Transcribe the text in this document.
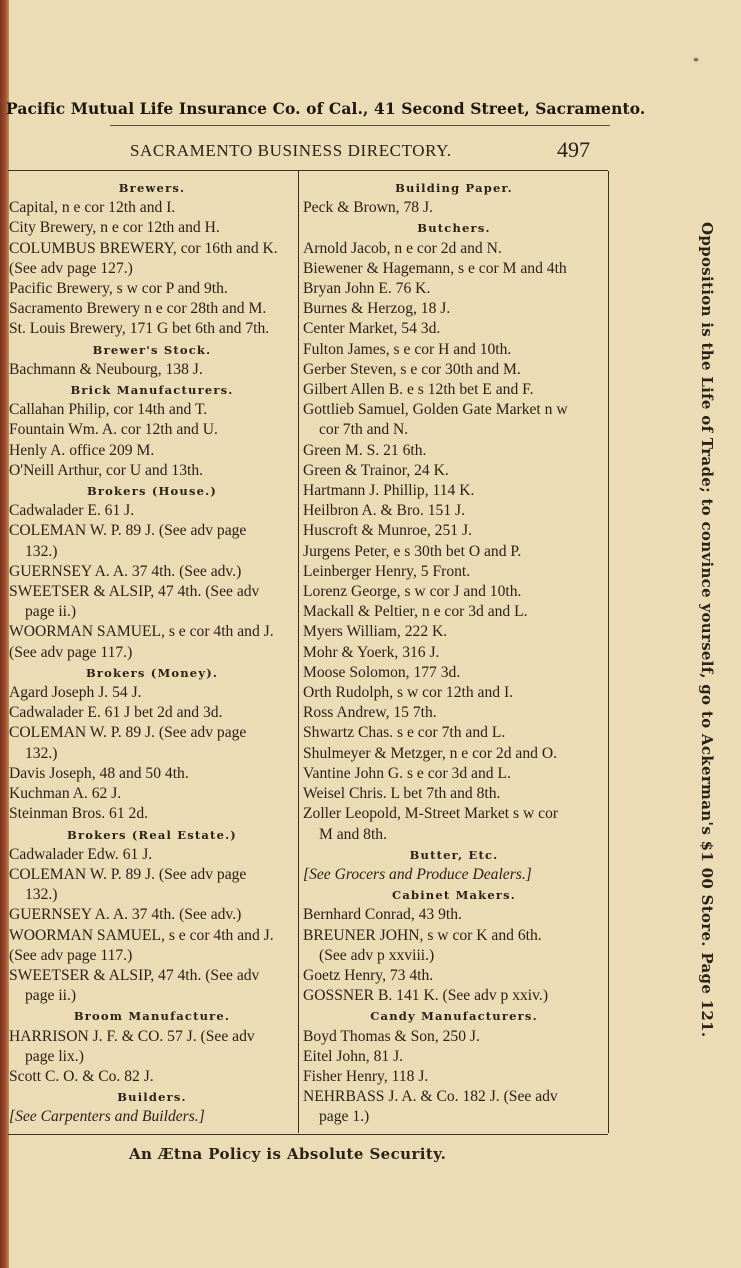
*
Pacific Mutual Life Insurance Co. of Cal., 41 Second Street, Sacramento.
SACRAMENTO BUSINESS DIRECTORY.	497
Brewers.
Capital, n e cor 12th and I.
City Brewery, n e cor 12th and H.
COLUMBUS BREWERY, cor 16th and K.
(See adv page 127.)
Pacific Brewery, s w cor P and 9th.
Sacramento Brewery n e cor 28th and M.
St. Louis Brewery, 171 G bet 6th and 7th.
Brewer's Stock.
Bachmann & Neubourg, 138 J.
Brick Manufacturers.
Callahan Philip, cor 14th and T.
Fountain Wm. A. cor 12th and U.
Henly A. office 209 M.
O'Neill Arthur, cor U and 13th.
Brokers (House.)
Cadwalader E. 61 J.
COLEMAN W. P. 89 J. (See adv page
132.)
GUERNSEY A. A. 37 4th. (See adv.)
SWEETSER & ALSIP, 47 4th. (See adv
page ii.)
WOORMAN SAMUEL, s e cor 4th and J.
(See adv page 117.)
Brokers (Money).
Agard Joseph J. 54 J.
Cadwalader E. 61 J bet 2d and 3d.
COLEMAN W. P. 89 J. (See adv page
132.)
Davis Joseph, 48 and 50 4th.
Kuchman A. 62 J.
Steinman Bros. 61 2d.
Brokers (Real Estate.)
Cadwalader Edw. 61 J.
COLEMAN W. P. 89 J. (See adv page
132.)
GUERNSEY A. A. 37 4th. (See adv.)
WOORMAN SAMUEL, s e cor 4th and J.
(See adv page 117.)
SWEETSER & ALSIP, 47 4th. (See adv
page ii.)
Broom Manufacture.
HARRISON J. F. & CO. 57 J. (See adv
page lix.)
Scott C. O. & Co. 82 J.
Builders.
[See Carpenters and Builders.]
Building Paper.
Peck & Brown, 78 J.
Butchers.
Arnold Jacob, n e cor 2d and N.
Biewener & Hagemann, s e cor M and 4th
Bryan John E. 76 K.
Burnes & Herzog, 18 J.
Center Market, 54 3d.
Fulton James, s e cor H and 10th.
Gerber Steven, s e cor 30th and M.
Gilbert Allen B. e s 12th bet E and F.
Gottlieb Samuel, Golden Gate Market n w
cor 7th and N.
Green M. S. 21 6th.
Green & Trainor, 24 K.
Hartmann J. Phillip, 114 K.
Heilbron A. & Bro. 151 J.
Huscroft & Munroe, 251 J.
Jurgens Peter, e s 30th bet O and P.
Leinberger Henry, 5 Front.
Lorenz George, s w cor J and 10th.
Mackall & Peltier, n e cor 3d and L.
Myers William, 222 K.
Mohr & Yoerk, 316 J.
Moose Solomon, 177 3d.
Orth Rudolph, s w cor 12th and I.
Ross Andrew, 15 7th.
Shwartz Chas. s e cor 7th and L.
Shulmeyer & Metzger, n e cor 2d and O.
Vantine John G. s e cor 3d and L.
Weisel Chris. L bet 7th and 8th.
Zoller Leopold, M-Street Market s w cor
M and 8th.
Butter, Etc.
[See Grocers and Produce Dealers.]
Cabinet Makers.
Bernhard Conrad, 43 9th.
BREUNER JOHN, s w cor K and 6th.
(See adv p xxviii.)
Goetz Henry, 73 4th.
GOSSNER B. 141 K. (See adv p xxiv.)
Candy Manufacturers.
Boyd Thomas & Son, 250 J.
Eitel John, 81 J.
Fisher Henry, 118 J.
NEHRBASS J. A. & Co. 182 J. (See adv
page 1.)
Opposition is the Life of Trade; to convince yourself, go to Ackerman's $1 00 Store. Page 121.
An Ætna Policy is Absolute Security.
